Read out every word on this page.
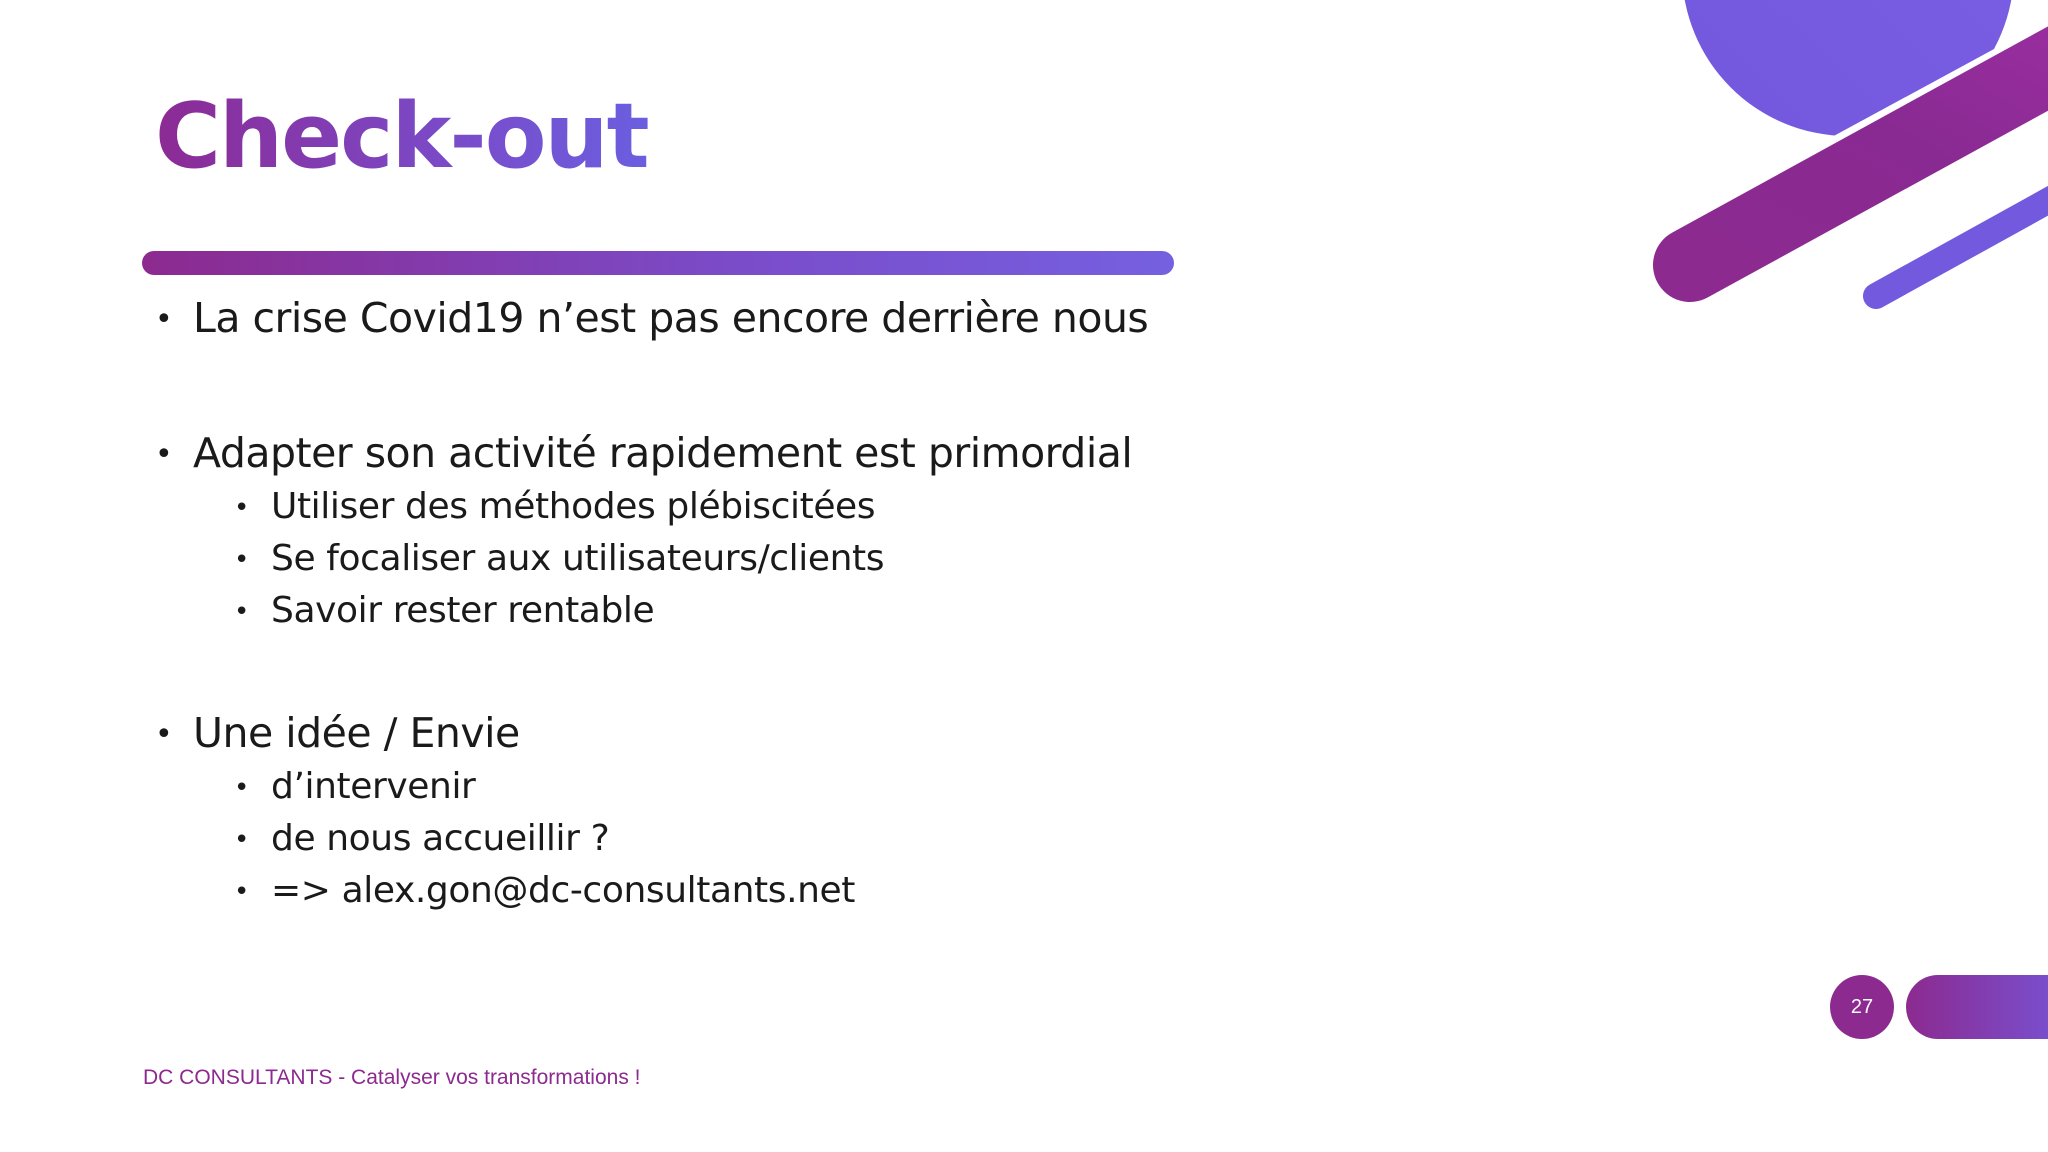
Check-out
• La crise Covid19 n’est pas encore derrière nous
• Adapter son activité rapidement est primordial
• Utiliser des méthodes plébiscitées
• Se focaliser aux utilisateurs/clients
• Savoir rester rentable
• Une idée / Envie
• d’intervenir
• de nous accueillir ?
• => alex.gon@dc-consultants.net
27
DC CONSULTANTS - Catalyser vos transformations !
